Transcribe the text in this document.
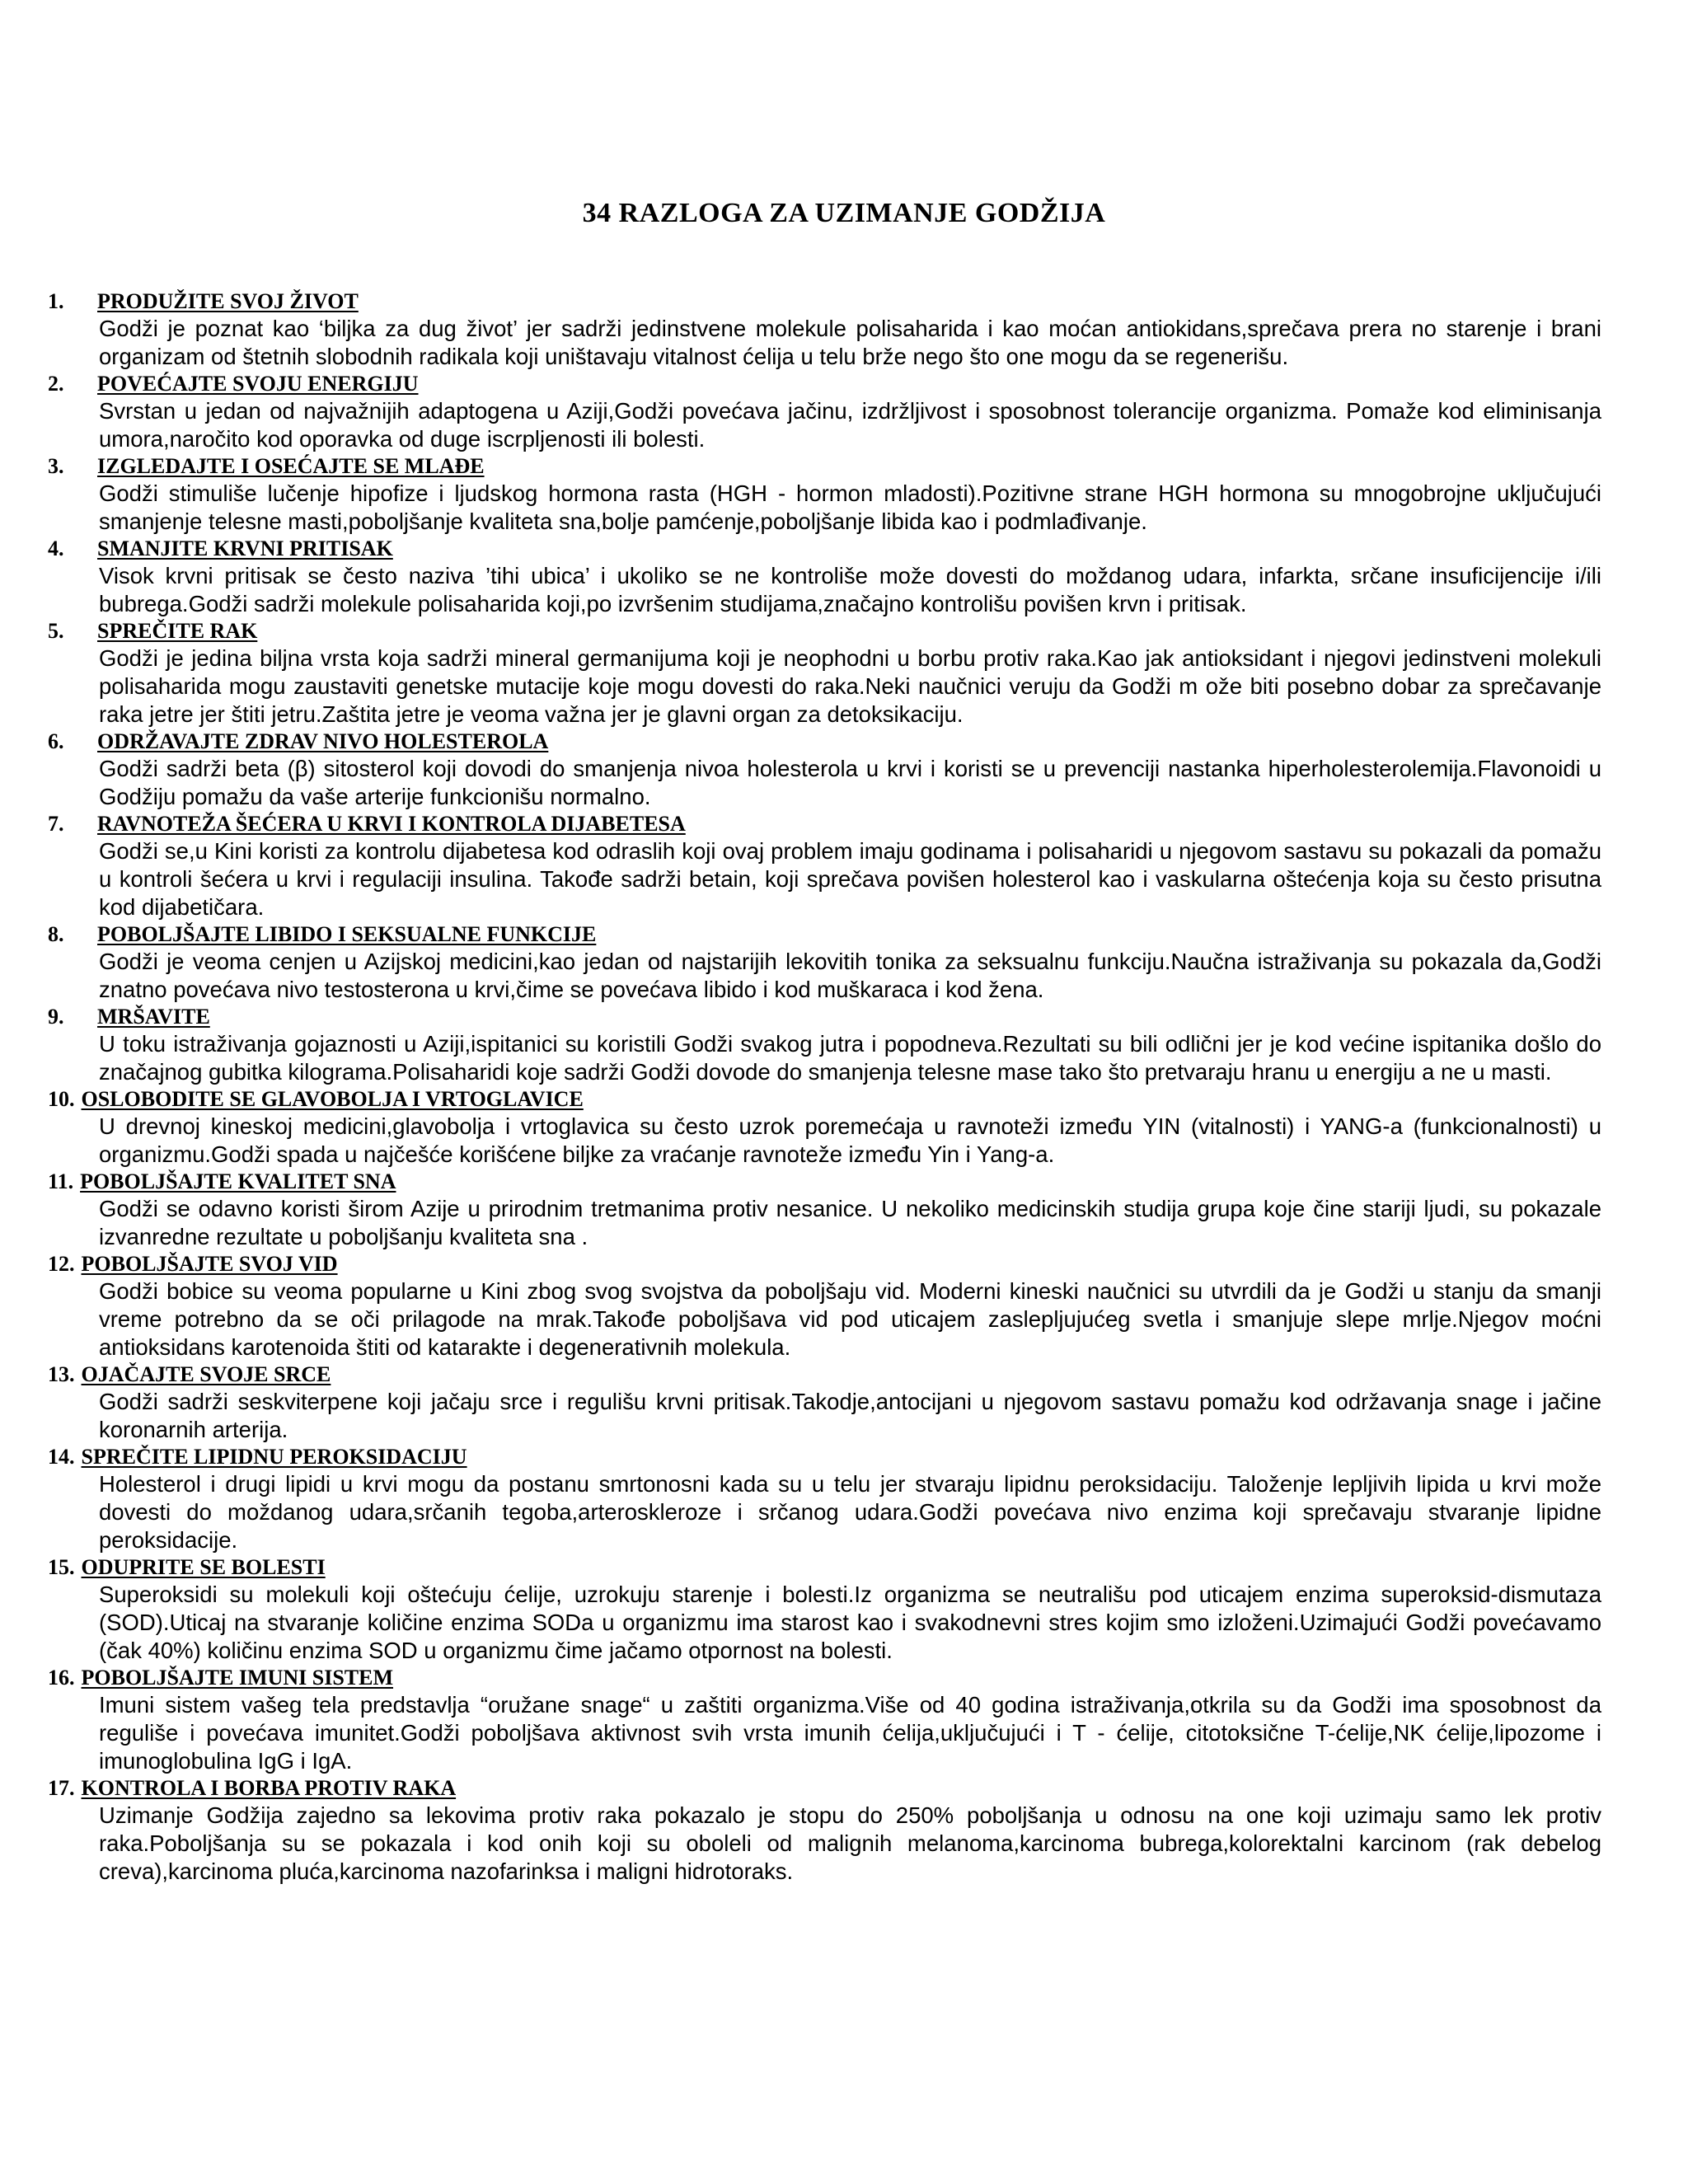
34 RAZLOGA ZA UZIMANJE GODŽIJA
1. PRODUŽITE SVOJ ŽIVOT
Godži je poznat kao ‘biljka za dug život’ jer sadrži jedinstvene molekule polisaharida i kao moćan antiokidans,sprečava prera no starenje i brani organizam od štetnih slobodnih radikala koji uništavaju vitalnost ćelija u telu brže nego što one mogu da se regenerišu.
2. POVEĆAJTE SVOJU ENERGIJU
Svrstan u jedan od najvažnijih adaptogena u Aziji,Godži povećava jačinu, izdržljivost i sposobnost tolerancije organizma. Pomaže kod eliminisanja umora,naročito kod oporavka od duge iscrpljenosti ili bolesti.
3. IZGLEDAJTE I OSEĆAJTE SE MLAĐE
Godži stimuliše lučenje hipofize i ljudskog hormona rasta (HGH - hormon mladosti).Pozitivne strane HGH hormona su mnogobrojne uključujući smanjenje telesne masti,poboljšanje kvaliteta sna,bolje pamćenje,poboljšanje libida kao i podmlađivanje.
4. SMANJITE KRVNI PRITISAK
Visok krvni pritisak se često naziva ’tihi ubica’ i ukoliko se ne kontroliše može dovesti do moždanog udara, infarkta, srčane insuficijencije i/ili bubrega.Godži sadrži molekule polisaharida koji,po izvršenim studijama,značajno kontrolišu povišen krvn i pritisak.
5. SPREČITE RAK
Godži je jedina biljna vrsta koja sadrži mineral germanijuma koji je neophodni u borbu protiv raka.Kao jak antioksidant i njegovi jedinstveni molekuli polisaharida mogu zaustaviti genetske mutacije koje mogu dovesti do raka.Neki naučnici veruju da Godži m ože biti posebno dobar za sprečavanje raka jetre jer štiti jetru.Zaštita jetre je veoma važna jer je glavni organ za detoksikaciju.
6. ODRŽAVAJTE ZDRAV NIVO HOLESTEROLA
Godži sadrži beta (β) sitosterol koji dovodi do smanjenja nivoa holesterola u krvi i koristi se u prevenciji nastanka hiperholesterolemija.Flavonoidi u Godžiju pomažu da vaše arterije funkcionišu normalno.
7. RAVNOTEŽA ŠEĆERA U KRVI I KONTROLA DIJABETESA
Godži se,u Kini koristi za kontrolu dijabetesa kod odraslih koji ovaj problem imaju godinama i polisaharidi u njegovom sastavu su pokazali da pomažu u kontroli šećera u krvi i regulaciji insulina. Takođe sadrži betain, koji sprečava povišen holesterol kao i vaskularna oštećenja koja su često prisutna kod dijabetičara.
8. POBOLJŠAJTE LIBIDO I SEKSUALNE FUNKCIJE
Godži je veoma cenjen u Azijskoj medicini,kao jedan od najstarijih lekovitih tonika za seksualnu funkciju.Naučna istraživanja su pokazala da,Godži znatno povećava nivo testosterona u krvi,čime se povećava libido i kod muškaraca i kod žena.
9. MRŠAVITE
U toku istraživanja gojaznosti u Aziji,ispitanici su koristili Godži svakog jutra i popodneva.Rezultati su bili odlični jer je kod većine ispitanika došlo do značajnog gubitka kilograma.Polisaharidi koje sadrži Godži dovode do smanjenja telesne mase tako što pretvaraju hranu u energiju a ne u masti.
10. OSLOBODITE SE GLAVOBOLJA I VRTOGLAVICE
U drevnoj kineskoj medicini,glavobolja i vrtoglavica su često uzrok poremećaja u ravnoteži između YIN (vitalnosti) i YANG-a (funkcionalnosti) u organizmu.Godži spada u najčešće korišćene biljke za vraćanje ravnoteže između Yin i Yang-a.
11. POBOLJŠAJTE KVALITET SNA
Godži se odavno koristi širom Azije u prirodnim tretmanima protiv nesanice. U nekoliko medicinskih studija grupa koje čine stariji ljudi, su pokazale izvanredne rezultate u poboljšanju kvaliteta sna .
12. POBOLJŠAJTE SVOJ VID
Godži bobice su veoma popularne u Kini zbog svog svojstva da poboljšaju vid. Moderni kineski naučnici su utvrdili da je Godži u stanju da smanji vreme potrebno da se oči prilagode na mrak.Takođe poboljšava vid pod uticajem zaslepljujućeg svetla i smanjuje slepe mrlje.Njegov moćni antioksidans karotenoida štiti od katarakte i degenerativnih molekula.
13. OJAČAJTE SVOJE SRCE
Godži sadrži seskviterpene koji jačaju srce i regulišu krvni pritisak.Takodje,antocijani u njegovom sastavu pomažu kod održavanja snage i jačine koronarnih arterija.
14. SPREČITE LIPIDNU PEROKSIDACIJU
Holesterol i drugi lipidi u krvi mogu da postanu smrtonosni kada su u telu jer stvaraju lipidnu peroksidaciju. Taloženje lepljivih lipida u krvi može dovesti do moždanog udara,srčanih tegoba,arteroskleroze i srčanog udara.Godži povećava nivo enzima koji sprečavaju stvaranje lipidne peroksidacije.
15. ODUPRITE SE BOLESTI
Superoksidi su molekuli koji oštećuju ćelije, uzrokuju starenje i bolesti.Iz organizma se neutrališu pod uticajem enzima superoksid-dismutaza (SOD).Uticaj na stvaranje količine enzima SODa u organizmu ima starost kao i svakodnevni stres kojim smo izloženi.Uzimajući Godži povećavamo (čak 40%) količinu enzima SOD u organizmu čime jačamo otpornost na bolesti.
16. POBOLJŠAJTE IMUNI SISTEM
Imuni sistem vašeg tela predstavlja “oružane snage“ u zaštiti organizma.Više od 40 godina istraživanja,otkrila su da Godži ima sposobnost da reguliše i povećava imunitet.Godži poboljšava aktivnost svih vrsta imunih ćelija,uključujući i T - ćelije, citotoksične T-ćelije,NK ćelije,lipozome i imunoglobulina IgG i IgA.
17. KONTROLA I BORBA PROTIV RAKA
Uzimanje Godžija zajedno sa lekovima protiv raka pokazalo je stopu do 250% poboljšanja u odnosu na one koji uzimaju samo lek protiv raka.Poboljšanja su se pokazala i kod onih koji su oboleli od malignih melanoma,karcinoma bubrega,kolorektalni karcinom (rak debelog creva),karcinoma pluća,karcinoma nazofarinksa i maligni hidrotoraks.
